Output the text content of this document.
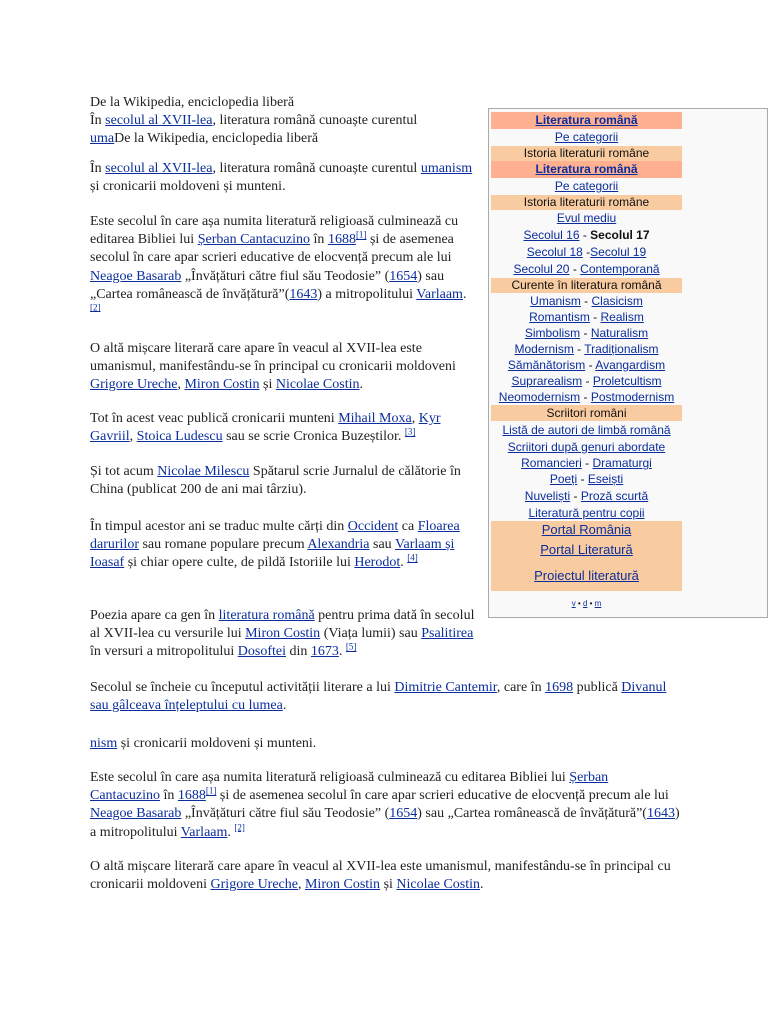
De la Wikipedia, enciclopedia liberă
În secolul al XVII-lea, literatura română cunoaște curentul
umaDe la Wikipedia, enciclopedia liberă

În secolul al XVII-lea, literatura română cunoaște curentul umanism și cronicarii moldoveni și munteni.

Este secolul în care așa numita literatură religioasă culminează cu editarea Bibliei lui Șerban Cantacuzino în 1688[1] și de asemenea secolul în care apar scrieri educative de elocvență precum ale lui Neagoe Basarab „Învățături către fiul său Teodosie” (1654) sau „Cartea românească de învățătură”(1643) a mitropolitului Varlaam. [2]

O altă mișcare literară care apare în veacul al XVII-lea este umanismul, manifestându-se în principal cu cronicarii moldoveni Grigore Ureche, Miron Costin și Nicolae Costin.

Tot în acest veac publică cronicarii munteni Mihail Moxa, Kyr Gavriil, Stoica Ludescu sau se scrie Cronica Buzeștilor. [3]

Și tot acum Nicolae Milescu Spătarul scrie Jurnalul de călătorie în China (publicat 200 de ani mai târziu).

În timpul acestor ani se traduc multe cărți din Occident ca Floarea darurilor sau romane populare precum Alexandria sau Varlaam și Ioasaf și chiar opere culte, de pildă Istoriile lui Herodot. [4]

Poezia apare ca gen în literatura română pentru prima dată în secolul al XVII-lea cu versurile lui Miron Costin (Viața lumii) sau Psalitirea în versuri a mitropolitului Dosoftei din 1673. [5]

Secolul se încheie cu începutul activității literare a lui Dimitrie Cantemir, care în 1698 publică Divanul sau gâlceava înțeleptului cu lumea.

nism și cronicarii moldoveni și munteni.

Este secolul în care așa numita literatură religioasă culminează cu editarea Bibliei lui Șerban Cantacuzino în 1688[1] și de asemenea secolul în care apar scrieri educative de elocvență precum ale lui Neagoe Basarab „Învățături către fiul său Teodosie” (1654) sau „Cartea românească de învățătură”(1643) a mitropolitului Varlaam. [2]

O altă mișcare literară care apare în veacul al XVII-lea este umanismul, manifestându-se în principal cu cronicarii moldoveni Grigore Ureche, Miron Costin și Nicolae Costin.

Literatura română
Pe categorii
Istoria literaturii române
Literatura română
Pe categorii
Istoria literaturii române
Evul mediu
Secolul 16 - Secolul 17
Secolul 18 -Secolul 19
Secolul 20 - Contemporană
Curente în literatura română
Umanism - Clasicism
Romantism - Realism
Simbolism - Naturalism
Modernism - Tradiționalism
Sămănătorism - Avangardism
Suprarealism - Proletcultism
Neomodernism - Postmodernism
Scriitori români
Listă de autori de limbă română
Scriitori după genuri abordate
Romancieri - Dramaturgi
Poeți - Eseiști
Nuveliști - Proză scurtă
Literatură pentru copii
Portal România
Portal Literatură
Proiectul literatură
v • d • m
